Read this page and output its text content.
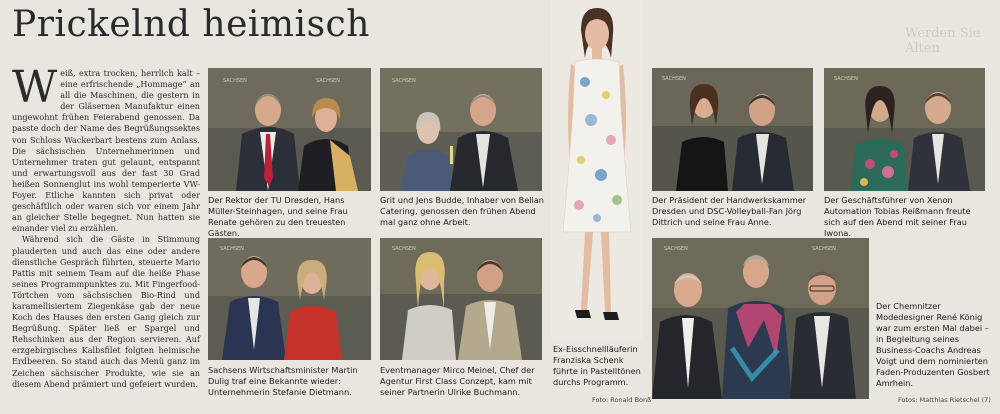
Prickelnd heimisch	Werden Sie Alten

Weiß, extra trocken, herrlich kalt – eine erfrischende „Hommage“ an all die Maschinen, die gestern in der Gläsernen Manufaktur einen ungewohnt frühen Feierabend genossen. Da passte doch der Name des Begrüßungssektes von Schloss Wackerbart bestens zum Anlass. Die sächsischen Unternehmerinnen und Unternehmer traten gut gelaunt, entspannt und erwartungsvoll aus der fast 30 Grad heißen Sonnenglut ins wohl temperierte VW-Foyer. Etliche kannten sich privat oder geschäftlich oder waren sich vor einem Jahr an gleicher Stelle begegnet. Nun hatten sie einander viel zu erzählen.

Während sich die Gäste in Stimmung plauderten und auch das eine oder andere dienstliche Gespräch führten, steuerte Mario Pattis mit seinem Team auf die heiße Phase seines Programmpunktes zu. Mit Fingerfood-Törtchen vom sächsischen Bio-Rind und karamellisiertem Ziegenkäse gab der neue Koch des Hauses den ersten Gang gleich zur Begrüßung. Später ließ er Spargel und Rehschinken aus der Region servieren. Auf erzgebirgisches Kalbsfilet folgten heimische Erdbeeren. So stand auch das Menü ganz im Zeichen sächsischer Produkte, wie sie an diesem Abend prämiert und gefeiert wurden.

SACHSEN	SACHSEN
Der Rektor der TU Dresden, Hans Müller-Steinhagen, und seine Frau Renate gehören zu den treuesten Gästen.
SACHSEN
Grit und Jens Budde, Inhaber von Bellan Catering, genossen den frühen Abend mal ganz ohne Arbeit.
Ex-Eisschnellläuferin Franziska Schenk führte in Pastelltönen durchs Programm.
Foto: Ronald Bonß
SACHSEN
Der Präsident der Handwerkskammer Dresden und DSC-Volleyball-Fan Jörg Dittrich und seine Frau Anne.
SACHSEN
Der Geschäftsführer von Xenon Automation Tobias Reißmann freute sich auf den Abend mit seiner Frau Iwona.
SACHSEN
Sachsens Wirtschaftsminister Martin Dulig traf eine Bekannte wieder: Unternehmerin Stefanie Dietmann.
SACHSEN
Eventmanager Mirco Meinel, Chef der Agentur First Class Conzept, kam mit seiner Partnerin Ulrike Buchmann.
SACHSEN	SACHSEN
Der Chemnitzer Modedesigner René König war zum ersten Mal dabei – in Begleitung seines Business-Coachs Andreas Voigt und dem nominierten Faden-Produzenten Gosbert Amrhein.
Fotos: Matthias Rietschel (7)
